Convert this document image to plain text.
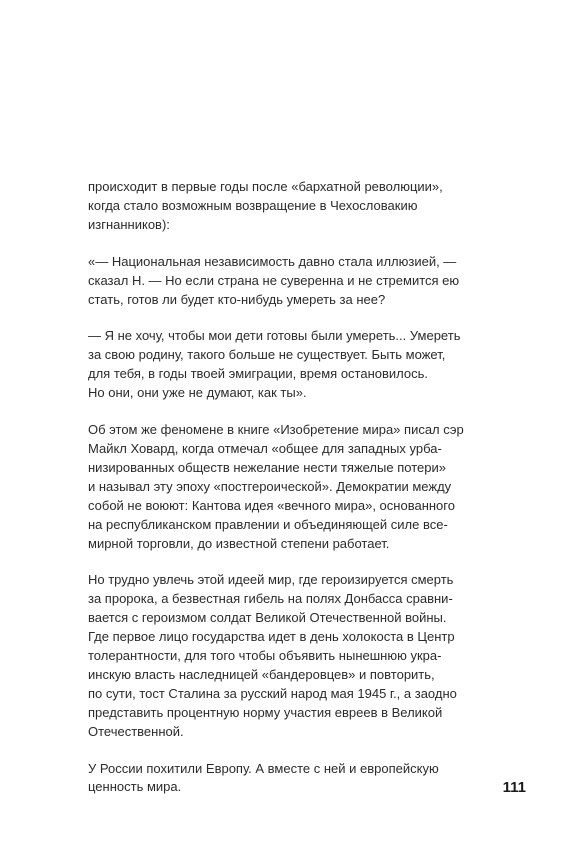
происходит в первые годы после «бархатной революции»,
когда стало возможным возвращение в Чехословакию
изгнанников):

«— Национальная независимость давно стала иллюзией, —
сказал Н. — Но если страна не суверенна и не стремится ею
стать, готов ли будет кто-нибудь умереть за нее?

— Я не хочу, чтобы мои дети готовы были умереть... Умереть
за свою родину, такого больше не существует. Быть может,
для тебя, в годы твоей эмиграции, время остановилось.
Но они, они уже не думают, как ты».

Об этом же феномене в книге «Изобретение мира» писал сэр
Майкл Ховард, когда отмечал «общее для западных урба-
низированных обществ нежелание нести тяжелые потери»
и называл эту эпоху «постгероической». Демократии между
собой не воюют: Кантова идея «вечного мира», основанного
на республиканском правлении и объединяющей силе все-
мирной торговли, до известной степени работает.

Но трудно увлечь этой идеей мир, где героизируется смерть
за пророка, а безвестная гибель на полях Донбасса сравни-
вается с героизмом солдат Великой Отечественной войны.
Где первое лицо государства идет в день холокоста в Центр
толерантности, для того чтобы объявить нынешнюю укра-
инскую власть наследницей «бандеровцев» и повторить,
по сути, тост Сталина за русский народ мая 1945 г., а заодно
представить процентную норму участия евреев в Великой
Отечественной.

У России похитили Европу. А вместе с ней и европейскую
ценность мира.	111
